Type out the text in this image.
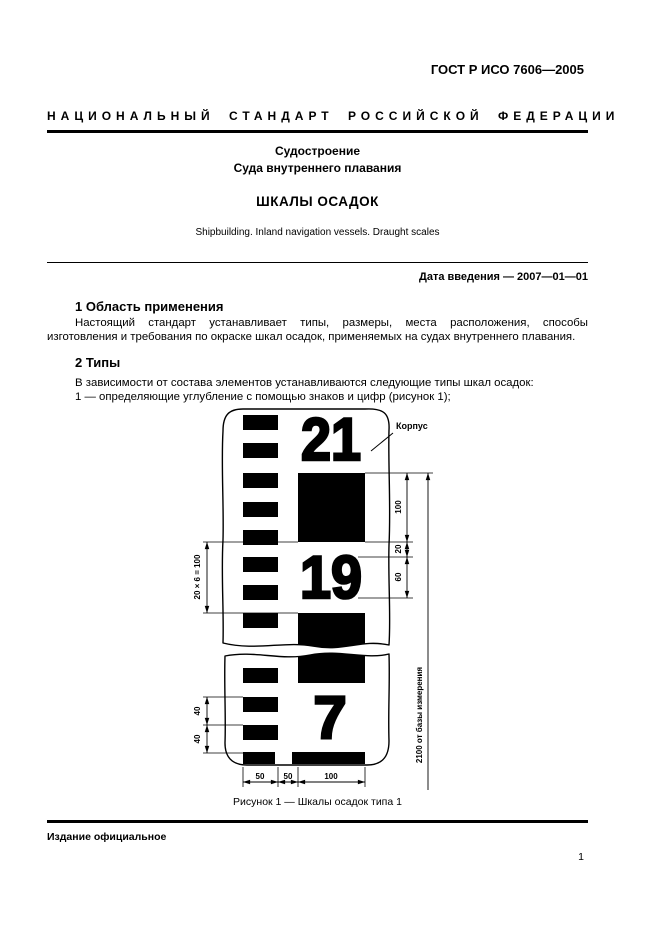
ГОСТ Р ИСО 7606—2005
НАЦИОНАЛЬНЫЙ СТАНДАРТ РОССИЙСКОЙ ФЕДЕРАЦИИ
Судостроение
Суда внутреннего плавания
ШКАЛЫ ОСАДОК
Shipbuilding. Inland navigation vessels. Draught scales
Дата введения — 2007—01—01
1 Область применения
Настоящий стандарт устанавливает типы, размеры, места расположения, способы изготовления и требования по окраске шкал осадок, применяемых на судах внутреннего плавания.
2 Типы
В зависимости от состава элементов устанавливаются следующие типы шкал осадок:
1 — определяющие углубление с помощью знаков и цифр (рисунок 1);
Корпус
20 × 6 = 100
40
40
100
20
60
2100 от базы измерения
50 50	100
Рисунок 1 — Шкалы осадок типа 1
Издание официальное
1
